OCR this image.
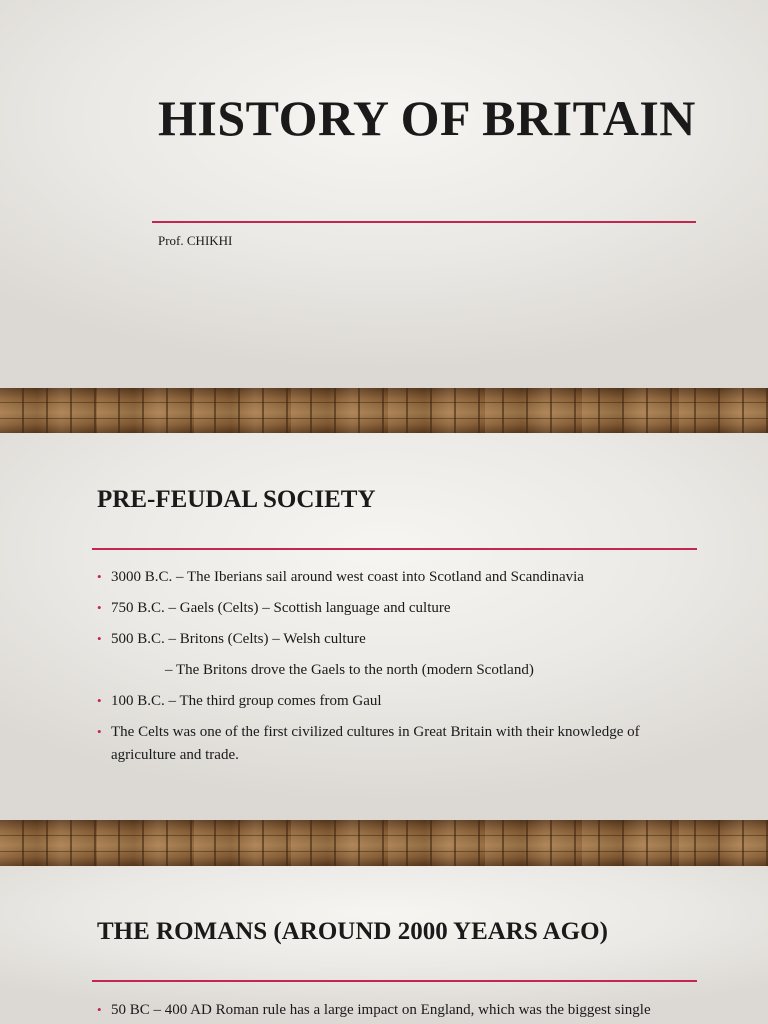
HISTORY OF BRITAIN
Prof. CHIKHI
PRE-FEUDAL SOCIETY
• 3000 B.C. – The Iberians sail around west coast into Scotland and Scandinavia
• 750 B.C. – Gaels (Celts) – Scottish language and culture
• 500 B.C. – Britons (Celts) – Welsh culture
– The Britons drove the Gaels to the north (modern Scotland)
• 100 B.C. – The third group comes from Gaul
• The Celts was one of the first civilized cultures in Great Britain with their knowledge of agriculture and trade.
THE ROMANS (AROUND 2000 YEARS AGO)
• 50 BC – 400 AD Roman rule has a large impact on England, which was the biggest single
